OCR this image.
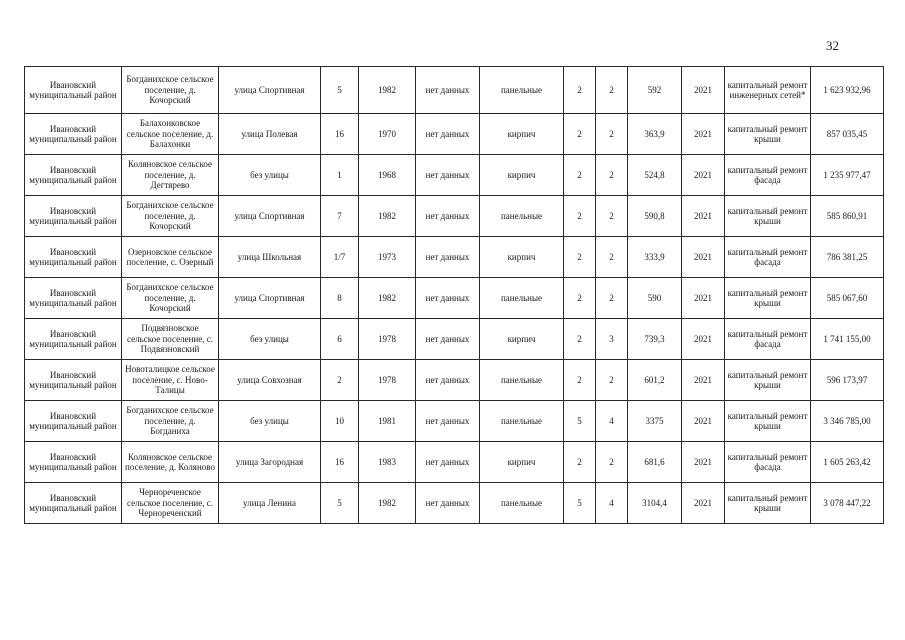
32
Ивановский муниципальный район	Богданихское сельское поселение, д. Кочорский	улица Спортивная	5	1982	нет данных	панельные	2	2	592	2021	капитальный ремонт инженерных сетей*	1 623 932,96
Ивановский муниципальный район	Балахонковское сельское поселение, д. Балахонки	улица Полевая	16	1970	нет данных	кирпич	2	2	363,9	2021	капитальный ремонт крыши	857 035,45
Ивановский муниципальный район	Коляновское сельское поселение, д. Дегтярево	без улицы	1	1968	нет данных	кирпич	2	2	524,8	2021	капитальный ремонт фасада	1 235 977,47
Ивановский муниципальный район	Богданихское сельское поселение, д. Кочорский	улица Спортивная	7	1982	нет данных	панельные	2	2	590,8	2021	капитальный ремонт крыши	585 860,91
Ивановский муниципальный район	Озерновское сельское поселение, с. Озерный	улица Школьная	1/7	1973	нет данных	кирпич	2	2	333,9	2021	капитальный ремонт фасада	786 381,25
Ивановский муниципальный район	Богданихское сельское поселение, д. Кочорский	улица Спортивная	8	1982	нет данных	панельные	2	2	590	2021	капитальный ремонт крыши	585 067,60
Ивановский муниципальный район	Подвязновское сельское поселение, с. Подвязновский	без улицы	6	1978	нет данных	кирпич	2	3	739,3	2021	капитальный ремонт фасада	1 741 155,00
Ивановский муниципальный район	Новоталицкое сельское поселение, с. Ново-Талицы	улица Совхозная	2	1978	нет данных	панельные	2	2	601,2	2021	капитальный ремонт крыши	596 173,97
Ивановский муниципальный район	Богданихское сельское поселение, д. Богданиха	без улицы	10	1981	нет данных	панельные	5	4	3375	2021	капитальный ремонт крыши	3 346 785,00
Ивановский муниципальный район	Коляновское сельское поселение, д. Коляново	улица Загородная	16	1983	нет данных	кирпич	2	2	681,6	2021	капитальный ремонт фасада	1 605 263,42
Ивановский муниципальный район	Чернореченское сельское поселение, с. Чернореченский	улица Ленина	5	1982	нет данных	панельные	5	4	3104,4	2021	капитальный ремонт крыши	3 078 447,22
